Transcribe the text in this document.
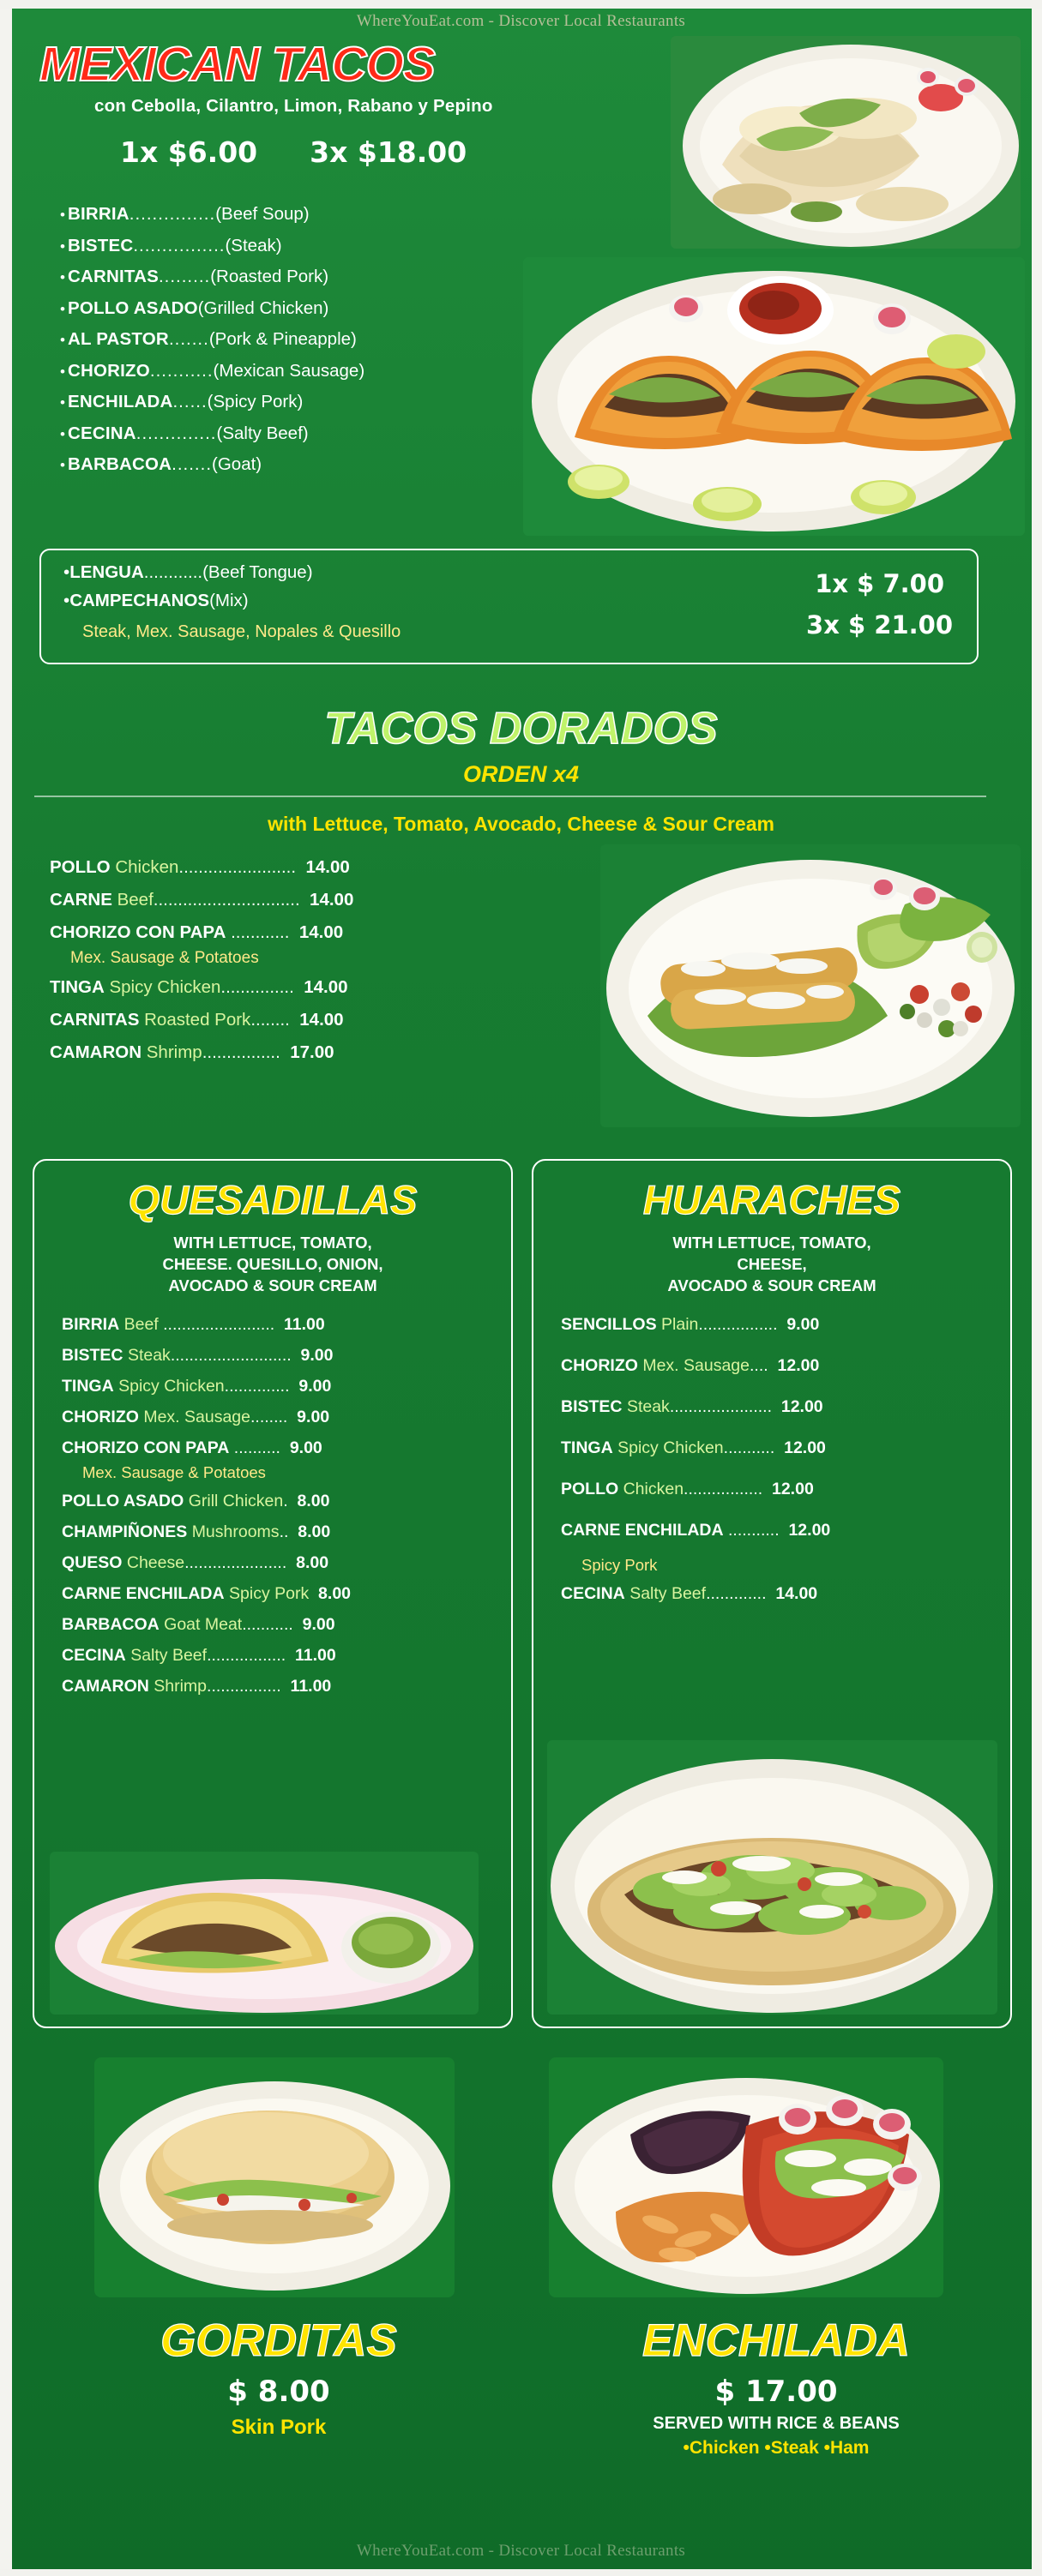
WhereYouEat.com - Discover Local Restaurants
WhereYouEat.com - Discover Local Restaurants
MEXICAN TACOS
con Cebolla, Cilantro, Limon, Rabano y Pepino
1x $6.00 3x $18.00
• BIRRIA...............(Beef Soup)
• BISTEC................(Steak)
• CARNITAS.........(Roasted Pork)
• POLLO ASADO(Grilled Chicken)
• AL PASTOR.......(Pork & Pineapple)
• CHORIZO...........(Mexican Sausage)
• ENCHILADA......(Spicy Pork)
• CECINA..............(Salty Beef)
• BARBACOA.......(Goat)
•LENGUA............(Beef Tongue)
•CAMPECHANOS(Mix)
Steak, Mex. Sausage, Nopales & Quesillo
1x $ 7.00
3x $ 21.00
TACOS DORADOS
ORDEN x4
with Lettuce, Tomato, Avocado, Cheese & Sour Cream
POLLO Chicken........................  14.00
CARNE Beef..............................  14.00
CHORIZO CON PAPA ............  14.00
Mex. Sausage & Potatoes
TINGA Spicy Chicken...............  14.00
CARNITAS Roasted Pork........  14.00
CAMARON Shrimp................  17.00
QUESADILLAS
WITH LETTUCE, TOMATO,
CHEESE. QUESILLO, ONION,
AVOCADO & SOUR CREAM
BIRRIA Beef ........................  11.00
BISTEC Steak..........................  9.00
TINGA Spicy Chicken..............  9.00
CHORIZO Mex. Sausage........  9.00
CHORIZO CON PAPA ..........  9.00
Mex. Sausage & Potatoes
POLLO ASADO Grill Chicken.  8.00
CHAMPIÑONES Mushrooms..  8.00
QUESO Cheese......................  8.00
CARNE ENCHILADA Spicy Pork  8.00
BARBACOA Goat Meat...........  9.00
CECINA Salty Beef.................  11.00
CAMARON Shrimp................  11.00
HUARACHES
WITH LETTUCE, TOMATO,
CHEESE,
AVOCADO & SOUR CREAM
SENCILLOS Plain.................  9.00
CHORIZO Mex. Sausage....  12.00
BISTEC Steak......................  12.00
TINGA Spicy Chicken...........  12.00
POLLO Chicken.................  12.00
CARNE ENCHILADA ...........  12.00
Spicy Pork
CECINA Salty Beef.............  14.00
GORDITAS
$ 8.00
Skin Pork
ENCHILADA
$ 17.00
SERVED WITH RICE & BEANS
•Chicken •Steak •Ham
